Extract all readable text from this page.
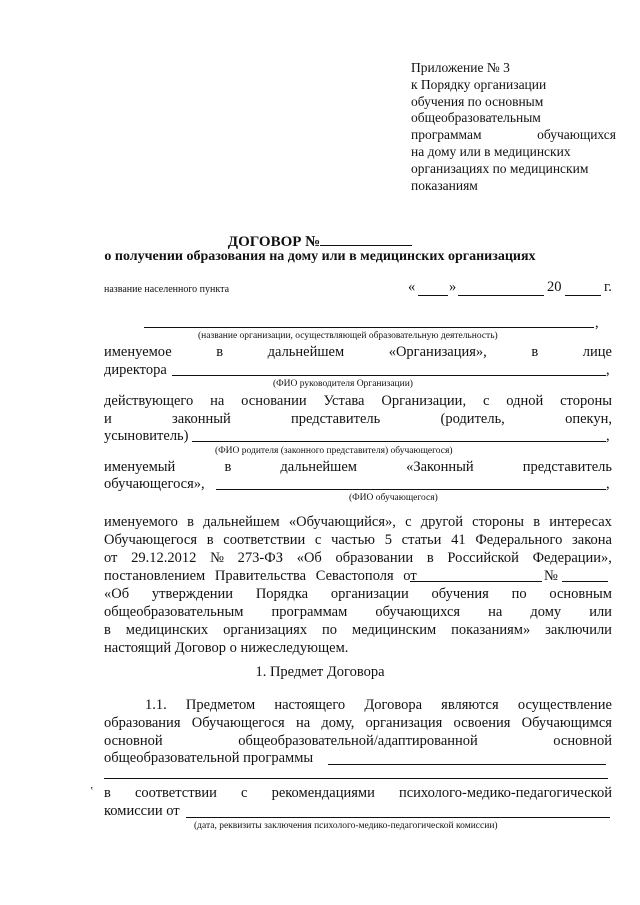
Приложение № 3
к Порядку организации
обучения по основным
общеобразовательным
программам	обучающихся
на дому или в медицинских
организациях по медицинским
показаниям
ДОГОВОР №
о получении образования на дому или в медицинских организациях
название населенного пункта	« »	20	г.
,
(название организации, осуществляющей образовательную деятельность)
именуемое	в	дальнейшем	«Организация»,	в	лице
директора	,
(ФИО руководителя Организации)
действующего на основании Устава Организации, с одной стороны
и	законный	представитель	(родитель,	опекун,
усыновитель)	,
(ФИО родителя (законного представителя) обучающегося)
именуемый	в	дальнейшем	«Законный	представитель
обучающегося»,	,
(ФИО обучающегося)
именуемого в дальнейшем «Обучающийся», с другой стороны в интересах
Обучающегося в соответствии с частью 5 статьи 41 Федерального закона
от 29.12.2012 № 273-ФЗ «Об образовании в Российской Федерации»,
постановлением Правительства Севастополя от	№
«Об утверждении Порядка организации обучения по основным
общеобразовательным программам обучающихся на дому или
в медицинских организациях по медицинским показаниям» заключили
настоящий Договор о нижеследующем.
1. Предмет Договора
1.1. Предметом настоящего Договора являются осуществление
образования Обучающегося на дому, организация освоения Обучающимся
основной	общеобразовательной/адаптированной	основной
общеобразовательной программы
ʽ в соответствии с рекомендациями психолого-медико-педагогической
комиссии от
(дата, реквизиты заключения психолого-медико-педагогической комиссии)
